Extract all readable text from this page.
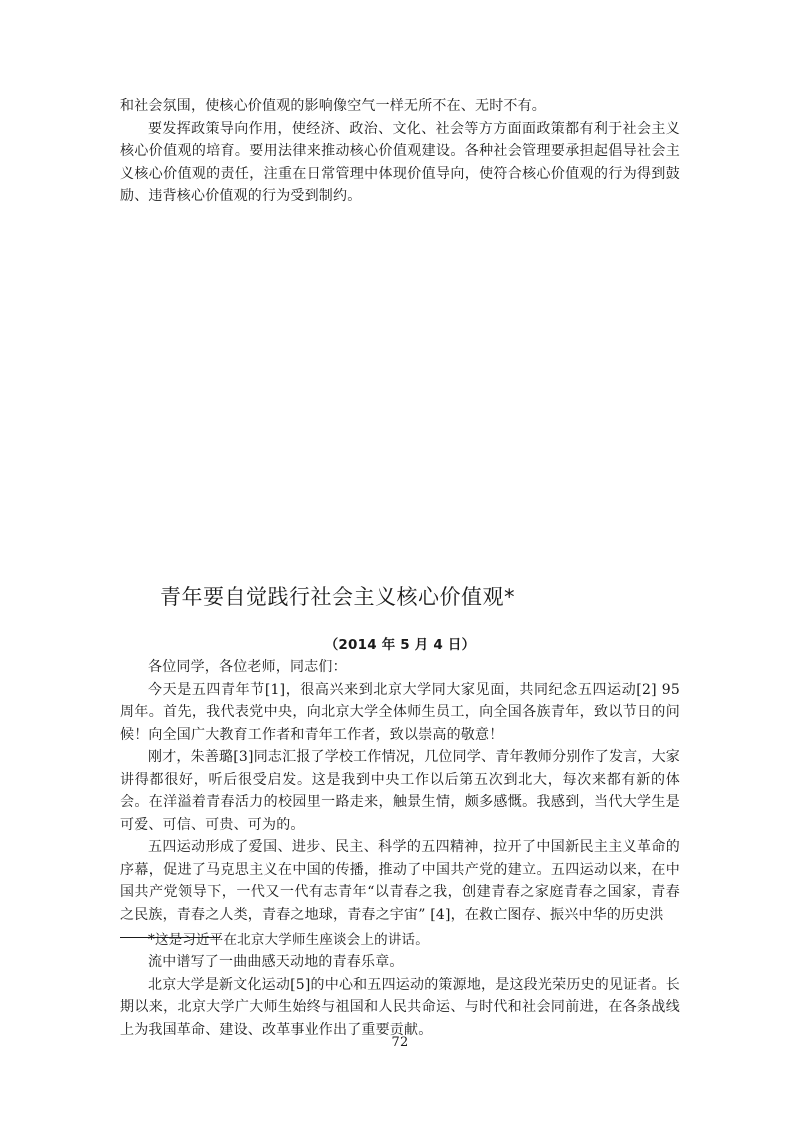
和社会氛围，使核心价值观的影响像空气一样无所不在、无时不有。

要发挥政策导向作用，使经济、政治、文化、社会等方方面面政策都有利于社会主义核心价值观的培育。要用法律来推动核心价值观建设。各种社会管理要承担起倡导社会主义核心价值观的责任，注重在日常管理中体现价值导向，使符合核心价值观的行为得到鼓励、违背核心价值观的行为受到制约。

青年要自觉践行社会主义核心价值观*

（2014 年 5 月 4 日）

各位同学，各位老师，同志们：

今天是五四青年节[1]，很高兴来到北京大学同大家见面，共同纪念五四运动[2] 95 周年。首先，我代表党中央，向北京大学全体师生员工，向全国各族青年，致以节日的问候！向全国广大教育工作者和青年工作者，致以崇高的敬意！

刚才，朱善璐[3]同志汇报了学校工作情况，几位同学、青年教师分别作了发言，大家讲得都很好，听后很受启发。这是我到中央工作以后第五次到北大，每次来都有新的体会。在洋溢着青春活力的校园里一路走来，触景生情，颇多感慨。我感到，当代大学生是可爱、可信、可贵、可为的。

五四运动形成了爱国、进步、民主、科学的五四精神，拉开了中国新民主主义革命的序幕，促进了马克思主义在中国的传播，推动了中国共产党的建立。五四运动以来，在中国共产党领导下，一代又一代有志青年“以青春之我，创建青春之家庭青春之国家，青春之民族，青春之人类，青春之地球，青春之宇宙” [4]，在救亡图存、振兴中华的历史洪

*这是习近平在北京大学师生座谈会上的讲话。

流中谱写了一曲曲感天动地的青春乐章。

北京大学是新文化运动[5]的中心和五四运动的策源地，是这段光荣历史的见证者。长期以来，北京大学广大师生始终与祖国和人民共命运、与时代和社会同前进，在各条战线上为我国革命、建设、改革事业作出了重要贡献。

72
